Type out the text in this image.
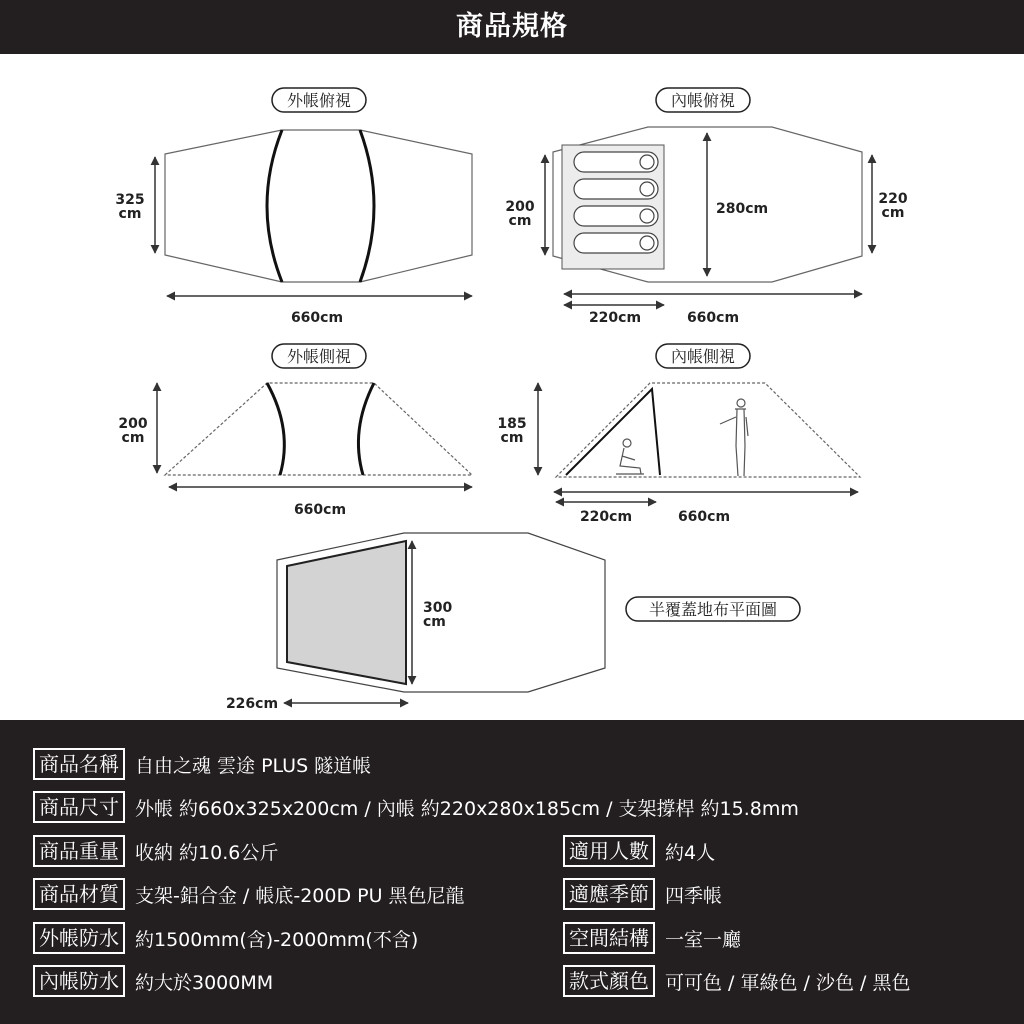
商品規格
外帳俯視
325
cm
660cm
內帳俯視
200
cm
280cm
220
cm
220cm	660cm
外帳側視
200
cm
660cm
內帳側視
185
cm
220cm	660cm
300
cm
226cm
半覆蓋地布平面圖
商品名稱 自由之魂 雲途 PLUS 隧道帳
商品尺寸 外帳 約660x325x200cm / 內帳 約220x280x185cm / 支架撐桿 約15.8mm
商品重量 收納 約10.6公斤	適用人數 約4人
商品材質 支架-鋁合金 / 帳底-200D PU 黑色尼龍	適應季節 四季帳
外帳防水 約1500mm(含)-2000mm(不含)	空間結構 一室一廳
內帳防水 約大於3000MM	款式顏色 可可色 / 軍綠色 / 沙色 / 黑色
